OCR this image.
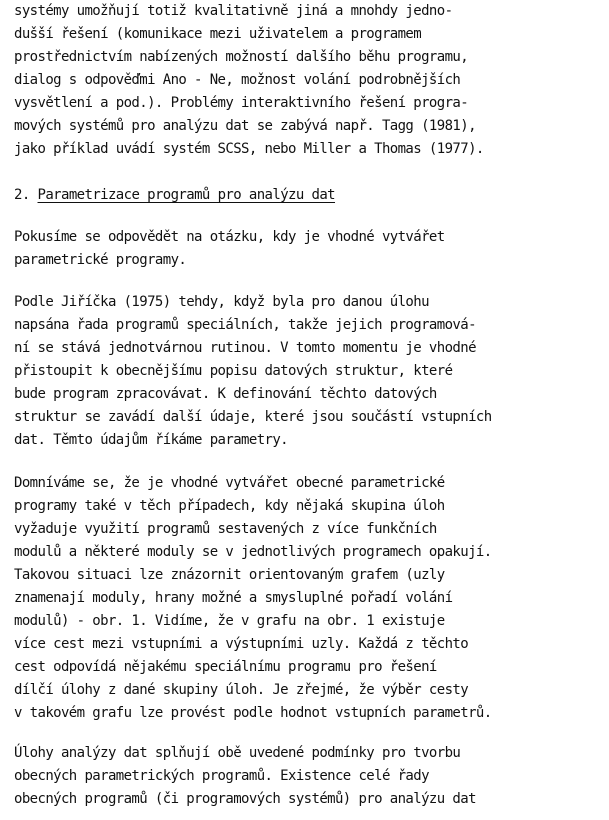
systémy umožňují totiž kvalitativně jiná a mnohdy jedno-
dušší řešení (komunikace mezi uživatelem a programem
prostřednictvím nabízených možností dalšího běhu programu,
dialog s odpověďmi Ano - Ne, možnost volání podrobnějších
vysvětlení a pod.). Problémy interaktivního řešení progra-
mových systémů pro analýzu dat se zabývá např. Tagg (1981),
jako příklad uvádí systém SCSS, nebo Miller a Thomas (1977).
2. Parametrizace programů pro analýzu dat
Pokusíme se odpovědět na otázku, kdy je vhodné vytvářet
parametrické programy.
Podle Jiříčka (1975) tehdy, když byla pro danou úlohu
napsána řada programů speciálních, takže jejich programová-
ní se stává jednotvárnou rutinou. V tomto momentu je vhodné
přistoupit k obecnějšímu popisu datových struktur, které
bude program zpracovávat. K definování těchto datových
struktur se zavádí další údaje, které jsou součástí vstupních
dat. Těmto údajům říkáme parametry.
Domníváme se, že je vhodné vytvářet obecné parametrické
programy také v těch případech, kdy nějaká skupina úloh
vyžaduje využití programů sestavených z více funkčních
modulů a některé moduly se v jednotlivých programech opakují.
Takovou situaci lze znázornit orientovaným grafem (uzly
znamenají moduly, hrany možné a smysluplné pořadí volání
modulů) - obr. 1. Vidíme, že v grafu na obr. 1 existuje
více cest mezi vstupními a výstupními uzly. Každá z těchto
cest odpovídá nějakému speciálnímu programu pro řešení
dílčí úlohy z dané skupiny úloh. Je zřejmé, že výběr cesty
v takovém grafu lze provést podle hodnot vstupních parametrů.
Úlohy analýzy dat splňují obě uvedené podmínky pro tvorbu
obecných parametrických programů. Existence celé řady
obecných programů (či programových systémů) pro analýzu dat
